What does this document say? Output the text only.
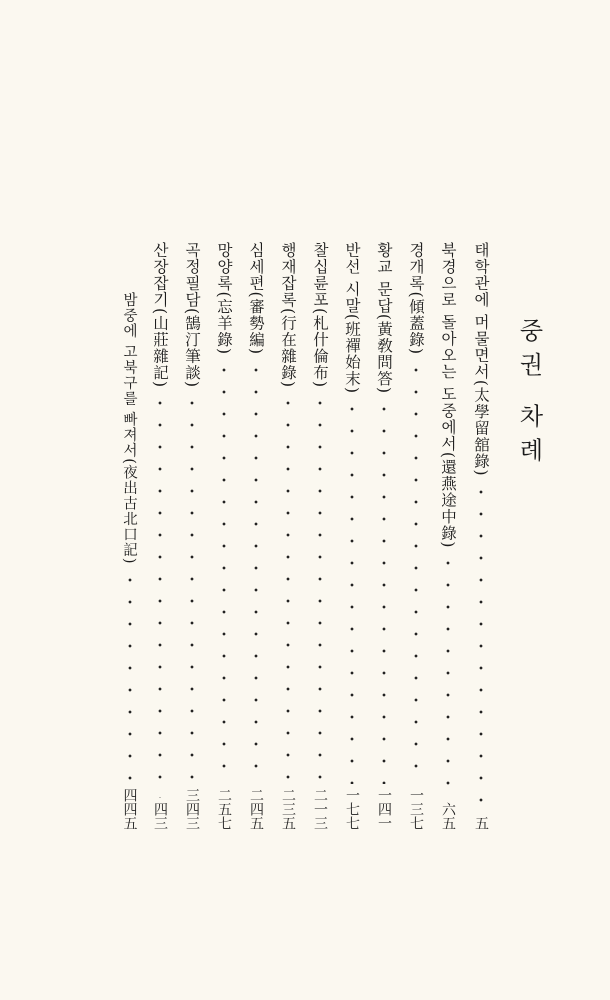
중권 차례
태학관에 머물면서(太學留舘錄)
五
북경으로 돌아오는 도중에서(還燕途中錄)
六五
경개록(傾蓋錄)
一三七
황교 문답(黃敎問答)
一四一
반선 시말(班禪始末)
一七七
찰십륜포(札什倫布)
二一三
행재잡록(行在雜錄)
二三五
심세편(審勢編)
二四五
망양록(忘羊錄)
二五七
곡정필담(鵠汀筆談)
三四三
산장잡기(山莊雜記)
四三
밤중에 고북구를 빠져서(夜出古北口記)
四四五
